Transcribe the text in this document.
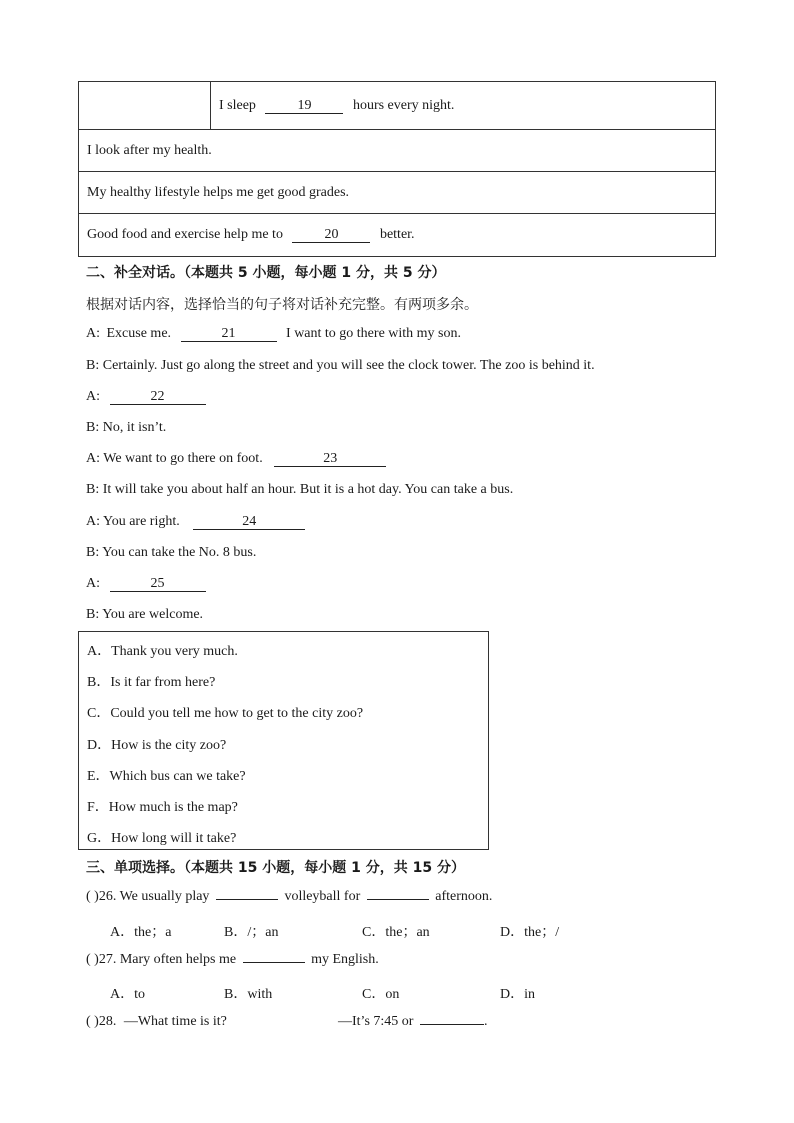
	I sleep	19	hours every night.
I look after my health.
My healthy lifestyle helps me get good grades.
Good food and exercise help me to	20	better.
二、补全对话。（本题共 5 小题，每小题 1 分，共 5 分）
根据对话内容，选择恰当的句子将对话补充完整。有两项多余。
A: Excuse me.	21	I want to go there with my son.
B: Certainly. Just go along the street and you will see the clock tower. The zoo is behind it.
A:	22
B: No, it isn’t.
A: We want to go there on foot.	23
B: It will take you about half an hour. But it is a hot day. You can take a bus.
A: You are right.	24
B: You can take the No. 8 bus.
A:	25
B: You are welcome.
A．Thank you very much.
B．Is it far from here?
C．Could you tell me how to get to the city zoo?
D．How is the city zoo?
E．Which bus can we take?
F．How much is the map?
G．How long will it take?
三、单项选择。（本题共 15 小题，每小题 1 分，共 15 分）
( )26. We usually play	volleyball for	afternoon.
A．the；a	B．/；an	C．the；an	D．the；/
( )27. Mary often helps me	my English.
A．to	B．with	C．on	D．in
( )28. —What time is it?	—It’s 7:45 or	.
